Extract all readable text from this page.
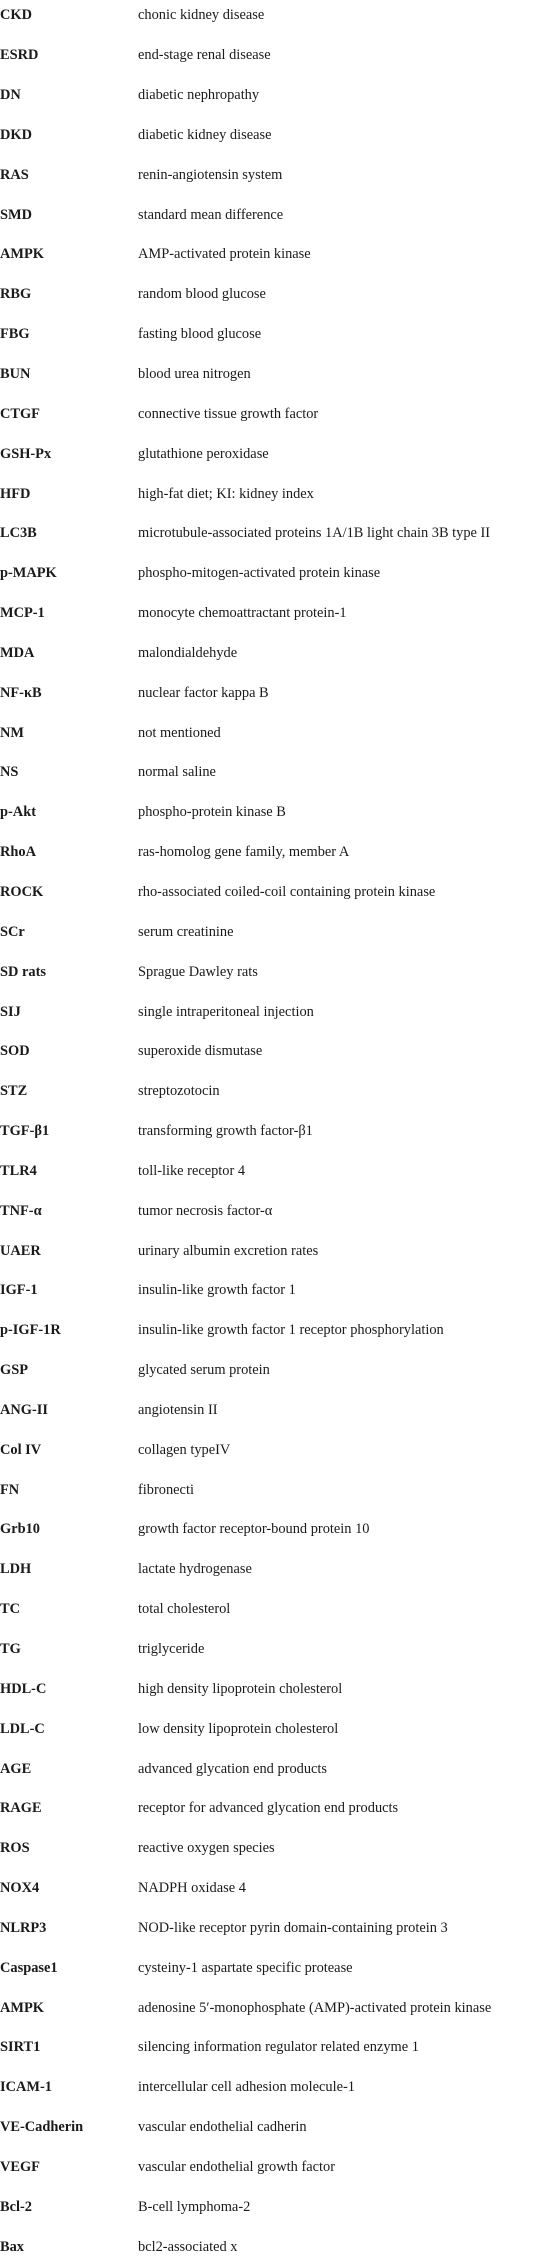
CKD	chonic kidney disease
ESRD	end-stage renal disease
DN	diabetic nephropathy
DKD	diabetic kidney disease
RAS	renin-angiotensin system
SMD	standard mean difference
AMPK	AMP-activated protein kinase
RBG	random blood glucose
FBG	fasting blood glucose
BUN	blood urea nitrogen
CTGF	connective tissue growth factor
GSH-Px	glutathione peroxidase
HFD	high-fat diet; KI: kidney index
LC3B	microtubule-associated proteins 1A/1B light chain 3B type II
p-MAPK	phospho-mitogen-activated protein kinase
MCP-1	monocyte chemoattractant protein-1
MDA	malondialdehyde
NF-κB	nuclear factor kappa B
NM	not mentioned
NS	normal saline
p-Akt	phospho-protein kinase B
RhoA	ras-homolog gene family, member A
ROCK	rho-associated coiled-coil containing protein kinase
SCr	serum creatinine
SD rats	Sprague Dawley rats
SIJ	single intraperitoneal injection
SOD	superoxide dismutase
STZ	streptozotocin
TGF-β1	transforming growth factor-β1
TLR4	toll-like receptor 4
TNF-α	tumor necrosis factor-α
UAER	urinary albumin excretion rates
IGF-1	insulin-like growth factor 1
p-IGF-1R	insulin-like growth factor 1 receptor phosphorylation
GSP	glycated serum protein
ANG-II	angiotensin II
Col IV	collagen typeIV
FN	fibronecti
Grb10	growth factor receptor-bound protein 10
LDH	lactate hydrogenase
TC	total cholesterol
TG	triglyceride
HDL-C	high density lipoprotein cholesterol
LDL-C	low density lipoprotein cholesterol
AGE	advanced glycation end products
RAGE	receptor for advanced glycation end products
ROS	reactive oxygen species
NOX4	NADPH oxidase 4
NLRP3	NOD-like receptor pyrin domain-containing protein 3
Caspase1	cysteiny-1 aspartate specific protease
AMPK	adenosine 5′-monophosphate (AMP)-activated protein kinase
SIRT1	silencing information regulator related enzyme 1
ICAM-1	intercellular cell adhesion molecule-1
VE-Cadherin	vascular endothelial cadherin
VEGF	vascular endothelial growth factor
Bcl-2	B-cell lymphoma-2
Bax	bcl2-associated x
